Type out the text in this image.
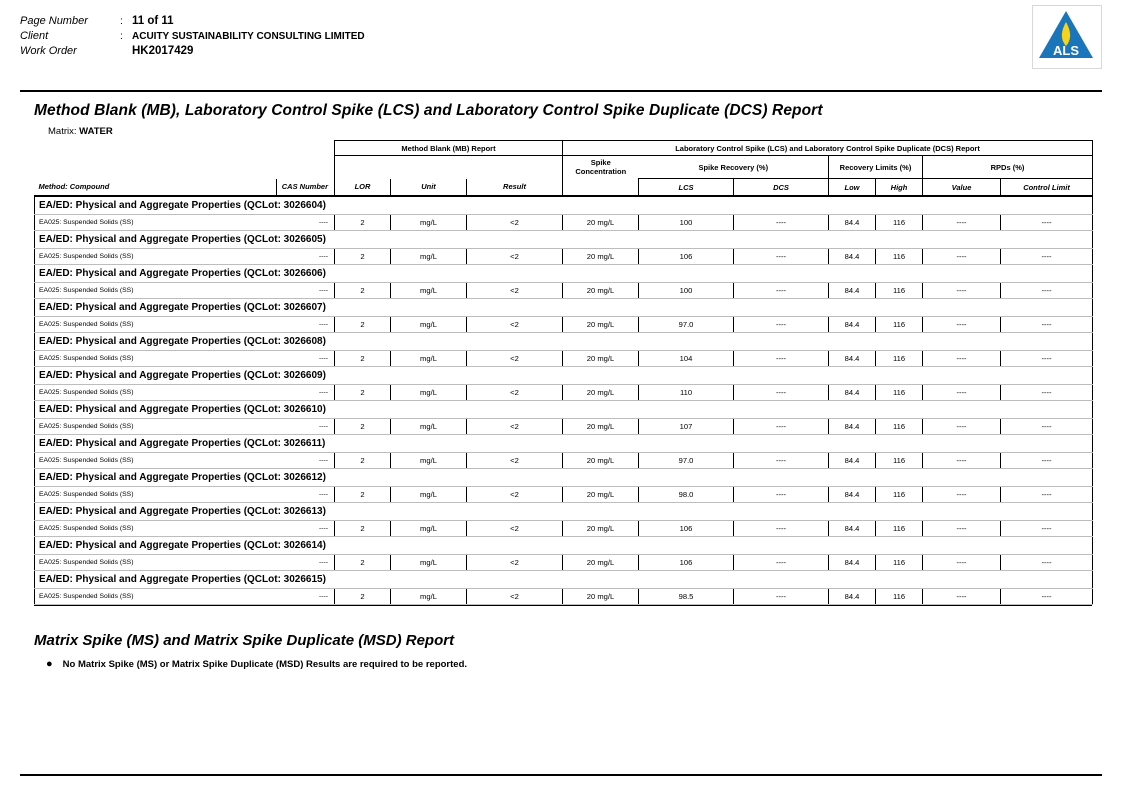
Page Number	: 11 of 11
Client	: ACUITY SUSTAINABILITY CONSULTING LIMITED
Work Order	HK2017429	ALS
Method Blank (MB), Laboratory Control Spike (LCS) and Laboratory Control Spike Duplicate (DCS) Report
Matrix: WATER
		Method Blank (MB) Report			Laboratory Control Spike (LCS) and Laboratory Control Spike Duplicate (DCS) Report						

					Spike
Concentration	Spike Recovery (%)		Recovery Limits (%)		RPDs (%)	
Method: Compound	CAS Number	LOR	Unit	Result		LCS	DCS	Low	High	Value	Control Limit
EA/ED: Physical and Aggregate Properties (QCLot: 3026604)											
EA025: Suspended Solids (SS)	----	2	mg/L	<2	20 mg/L	100	----	84.4	116	----	----
EA/ED: Physical and Aggregate Properties (QCLot: 3026605)											
EA025: Suspended Solids (SS)	----	2	mg/L	<2	20 mg/L	106	----	84.4	116	----	----
EA/ED: Physical and Aggregate Properties (QCLot: 3026606)											
EA025: Suspended Solids (SS)	----	2	mg/L	<2	20 mg/L	100	----	84.4	116	----	----
EA/ED: Physical and Aggregate Properties (QCLot: 3026607)											
EA025: Suspended Solids (SS)	----	2	mg/L	<2	20 mg/L	97.0	----	84.4	116	----	----
EA/ED: Physical and Aggregate Properties (QCLot: 3026608)											
EA025: Suspended Solids (SS)	----	2	mg/L	<2	20 mg/L	104	----	84.4	116	----	----
EA/ED: Physical and Aggregate Properties (QCLot: 3026609)											
EA025: Suspended Solids (SS)	----	2	mg/L	<2	20 mg/L	110	----	84.4	116	----	----
EA/ED: Physical and Aggregate Properties (QCLot: 3026610)											
EA025: Suspended Solids (SS)	----	2	mg/L	<2	20 mg/L	107	----	84.4	116	----	----
EA/ED: Physical and Aggregate Properties (QCLot: 3026611)											
EA025: Suspended Solids (SS)	----	2	mg/L	<2	20 mg/L	97.0	----	84.4	116	----	----
EA/ED: Physical and Aggregate Properties (QCLot: 3026612)											
EA025: Suspended Solids (SS)	----	2	mg/L	<2	20 mg/L	98.0	----	84.4	116	----	----
EA/ED: Physical and Aggregate Properties (QCLot: 3026613)											
EA025: Suspended Solids (SS)	----	2	mg/L	<2	20 mg/L	106	----	84.4	116	----	----
EA/ED: Physical and Aggregate Properties (QCLot: 3026614)											
EA025: Suspended Solids (SS)	----	2	mg/L	<2	20 mg/L	106	----	84.4	116	----	----
EA/ED: Physical and Aggregate Properties (QCLot: 3026615)											
EA025: Suspended Solids (SS)	----	2	mg/L	<2	20 mg/L	98.5	----	84.4	116	----	----
Matrix Spike (MS) and Matrix Spike Duplicate (MSD) Report
● No Matrix Spike (MS) or Matrix Spike Duplicate (MSD) Results are required to be reported.
